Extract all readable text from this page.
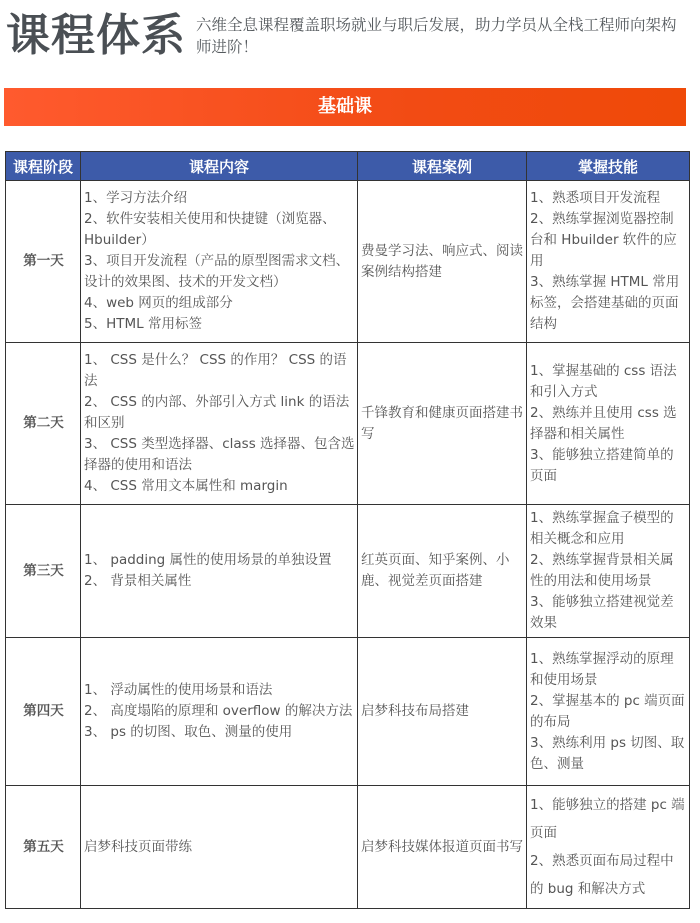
课程体系 六维全息课程覆盖职场就业与职后发展，助力学员从全栈工程师向架构师进阶！
基础课
课程阶段	课程内容	课程案例	掌握技能
第一天	1、学习方法介绍
2、软件安装相关使用和快捷键（浏览器、Hbuilder）
3、项目开发流程（产品的原型图需求文档、设计的效果图、技术的开发文档）
4、web 网页的组成部分
5、HTML 常用标签	费曼学习法、响应式、阅读案例结构搭建	1、熟悉项目开发流程
2、熟练掌握浏览器控制台和 Hbuilder 软件的应用
3、熟练掌握 HTML 常用标签，会搭建基础的页面结构

第二天	1、 CSS 是什么？ CSS 的作用？ CSS 的语法
2、 CSS 的内部、外部引入方式 link 的语法和区别
3、 CSS 类型选择器、class 选择器、包含选择器的使用和语法
4、 CSS 常用文本属性和 margin	千锋教育和健康页面搭建书写	1、掌握基础的 css 语法和引入方式
2、熟练并且使用 css 选择器和相关属性
3、能够独立搭建简单的页面

第三天	1、 padding 属性的使用场景的单独设置
2、 背景相关属性	红英页面、知乎案例、小鹿、视觉差页面搭建	1、熟练掌握盒子模型的相关概念和应用
2、熟练掌握背景相关属性的用法和使用场景
3、能够独立搭建视觉差效果

第四天	1、 浮动属性的使用场景和语法
2、 高度塌陷的原理和 overflow 的解决方法
3、 ps 的切图、取色、测量的使用	启梦科技布局搭建	1、熟练掌握浮动的原理和使用场景
2、掌握基本的 pc 端页面的布局
3、熟练利用 ps 切图、取色、测量

第五天	启梦科技页面带练	启梦科技媒体报道页面书写	1、能够独立的搭建 pc 端页面
2、熟悉页面布局过程中的 bug 和解决方式
